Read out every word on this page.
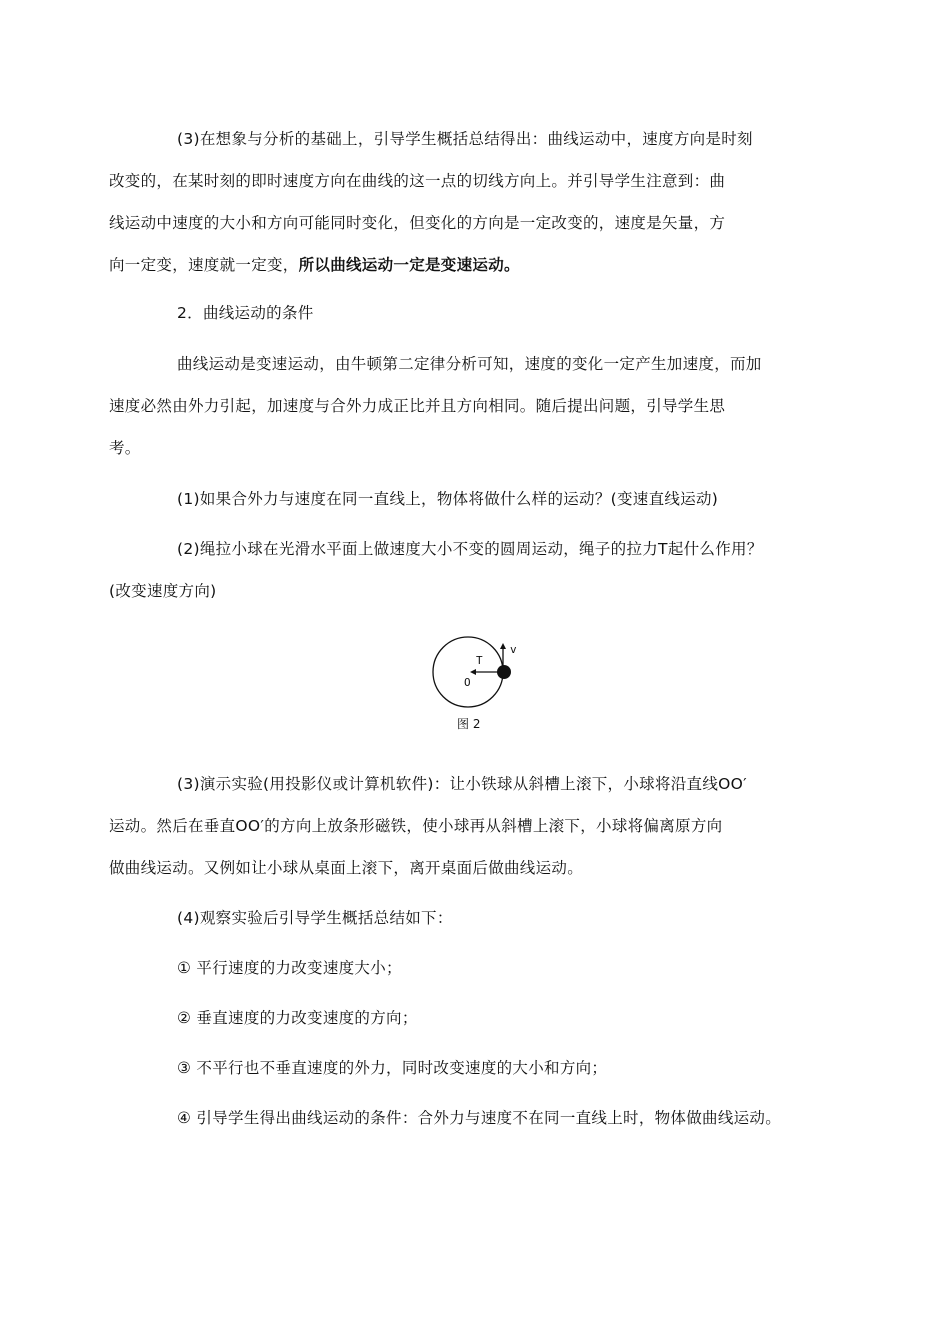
(3)在想象与分析的基础上，引导学生概括总结得出：曲线运动中，速度方向是时刻
改变的，在某时刻的即时速度方向在曲线的这一点的切线方向上。并引导学生注意到：曲
线运动中速度的大小和方向可能同时变化，但变化的方向是一定改变的，速度是矢量，方
向一定变，速度就一定变，所以曲线运动一定是变速运动。

2．曲线运动的条件

曲线运动是变速运动，由牛顿第二定律分析可知，速度的变化一定产生加速度，而加
速度必然由外力引起，加速度与合外力成正比并且方向相同。随后提出问题，引导学生思
考。

(1)如果合外力与速度在同一直线上，物体将做什么样的运动？(变速直线运动)

(2)绳拉小球在光滑水平面上做速度大小不变的圆周运动，绳子的拉力T起什么作用？
(改变速度方向)

T
v
O
图 2

(3)演示实验(用投影仪或计算机软件)：让小铁球从斜槽上滚下，小球将沿直线OO′
运动。然后在垂直OO′的方向上放条形磁铁，使小球再从斜槽上滚下，小球将偏离原方向
做曲线运动。又例如让小球从桌面上滚下，离开桌面后做曲线运动。

(4)观察实验后引导学生概括总结如下：

① 平行速度的力改变速度大小；

② 垂直速度的力改变速度的方向；

③ 不平行也不垂直速度的外力，同时改变速度的大小和方向；

④ 引导学生得出曲线运动的条件：合外力与速度不在同一直线上时，物体做曲线运动。
